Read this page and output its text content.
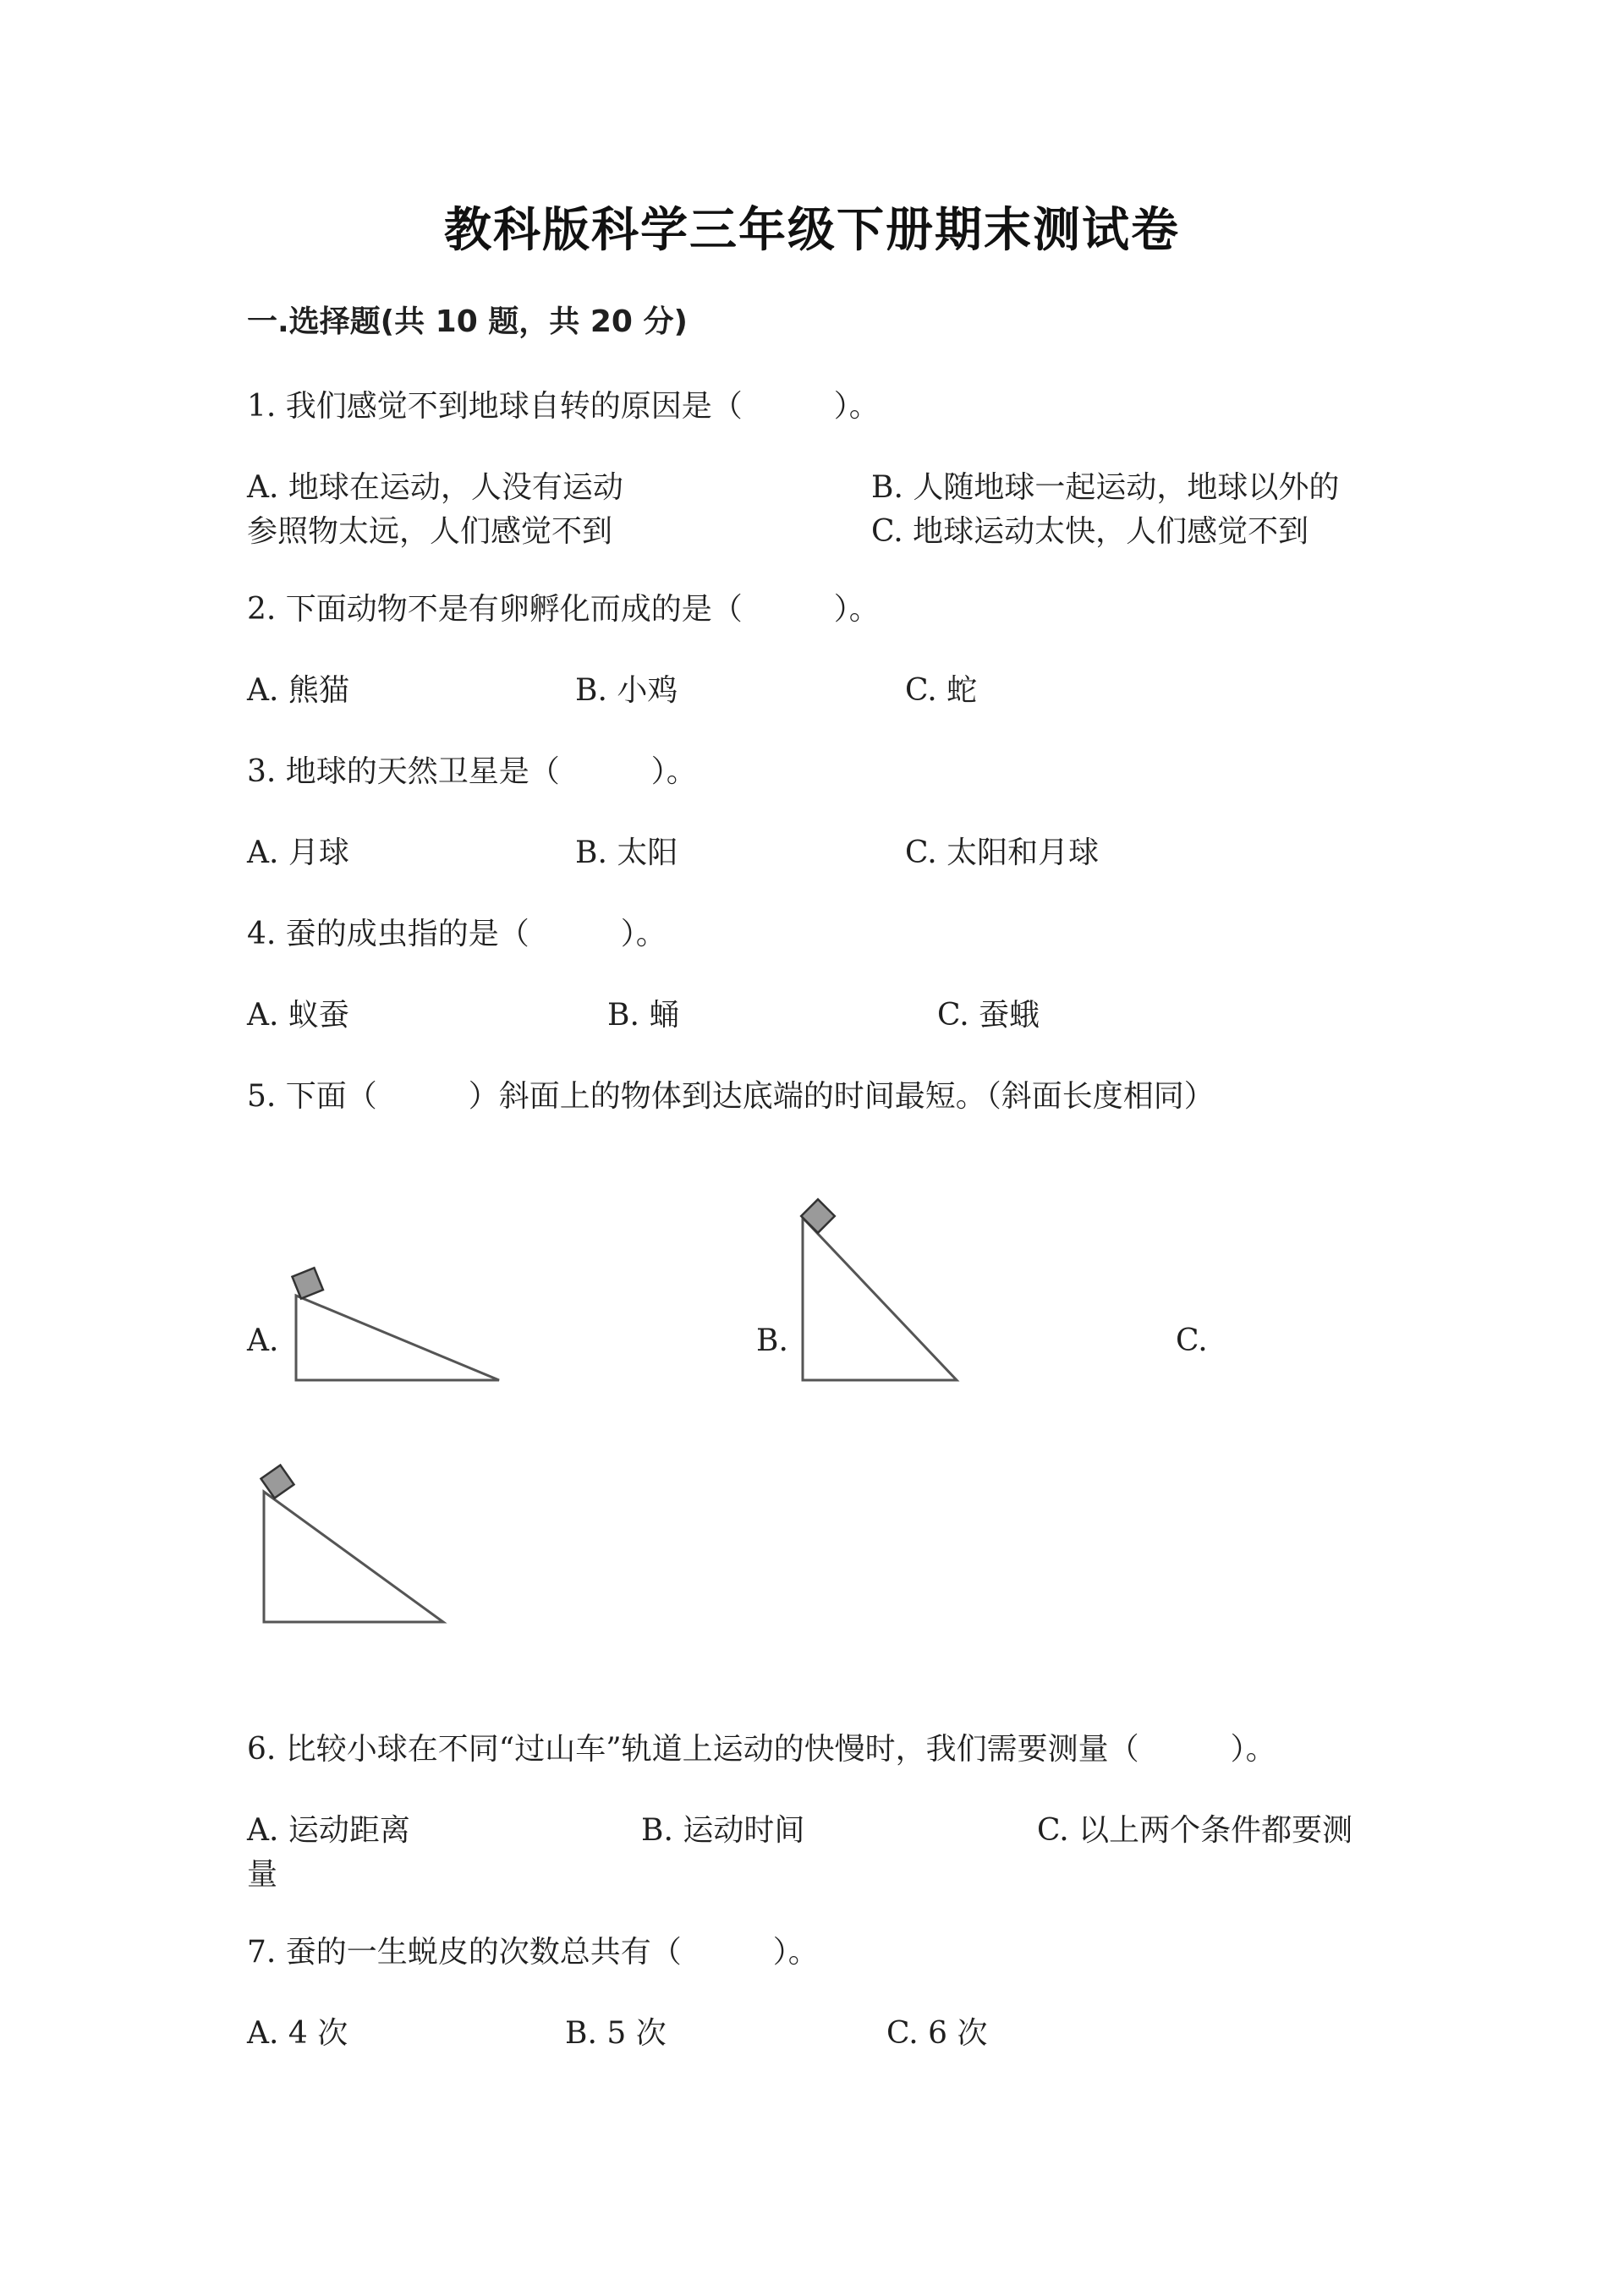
教科版科学三年级下册期末测试卷
一.选择题(共 10 题，共 20 分)
1. 我们感觉不到地球自转的原因是（　　　）。
A. 地球在运动，人没有运动	B. 人随地球一起运动，地球以外的
参照物太远，人们感觉不到	C. 地球运动太快，人们感觉不到
2. 下面动物不是有卵孵化而成的是（　　　）。
A. 熊猫	B. 小鸡	C. 蛇
3. 地球的天然卫星是（　　　）。
A. 月球	B. 太阳	C. 太阳和月球
4. 蚕的成虫指的是（　　　）。
A. 蚁蚕	B. 蛹	C. 蚕蛾
5. 下面（　　　）斜面上的物体到达底端的时间最短。（斜面长度相同）
A.	B.	C.
6. 比较小球在不同“过山车”轨道上运动的快慢时，我们需要测量（　　　）。
A. 运动距离	B. 运动时间	C. 以上两个条件都要测
量
7. 蚕的一生蜕皮的次数总共有（　　　）。
A. 4 次	B. 5 次	C. 6 次
